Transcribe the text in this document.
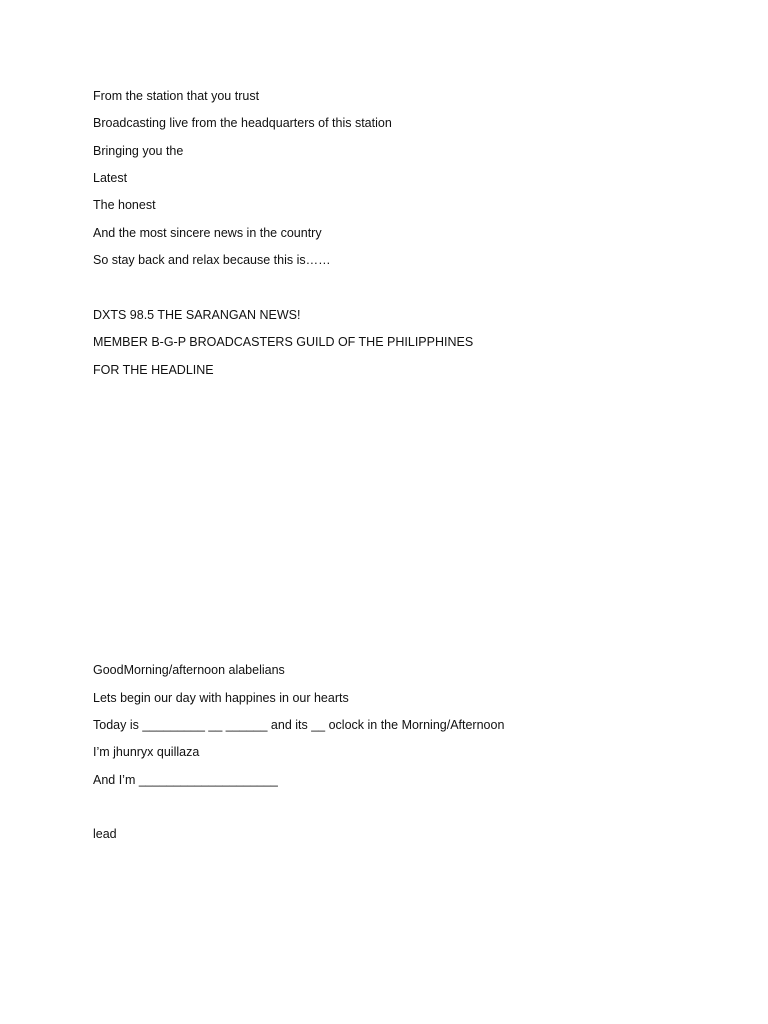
From the station that you trust
Broadcasting live from the headquarters of this station
Bringing you the
Latest
The honest
And the most sincere news in the country
So stay back and relax because this is……
DXTS 98.5 THE SARANGAN NEWS!
MEMBER B-G-P BROADCASTERS GUILD OF THE PHILIPPHINES
FOR THE HEADLINE
GoodMorning/afternoon alabelians
Lets begin our day with happines in our hearts
Today is _________ __ ______ and its __ oclock in the Morning/Afternoon
I’m jhunryx quillaza
And I’m ____________________
lead
